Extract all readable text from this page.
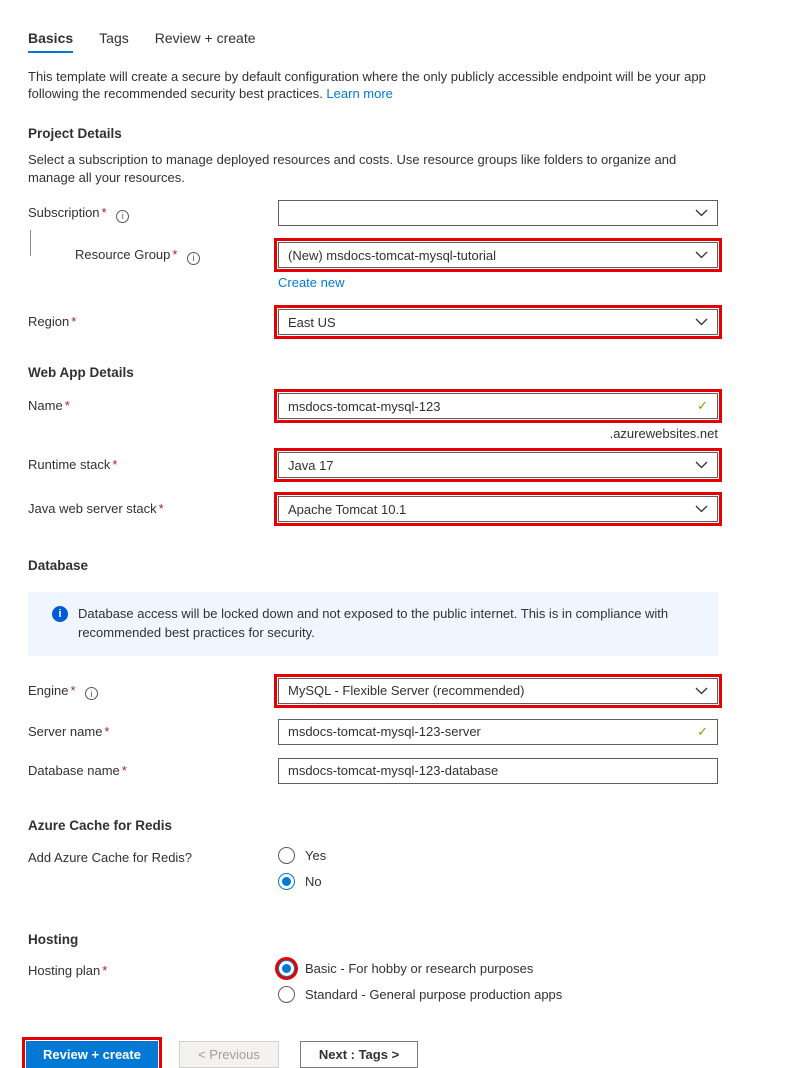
Basics Tags Review + create

This template will create a secure by default configuration where the only publicly accessible endpoint will be your app following the recommended security best practices. Learn more

Project Details

Select a subscription to manage deployed resources and costs. Use resource groups like folders to organize and manage all your resources.

Subscription * i
Resource Group * i	(New) msdocs-tomcat-mysql-tutorial
Create new
Region *	East US
Web App Details
Name *	msdocs-tomcat-mysql-123	✓
.azurewebsites.net
Runtime stack *	Java 17
Java web server stack *	Apache Tomcat 10.1
Database
i	Database access will be locked down and not exposed to the public internet. This is in compliance with recommended best practices for security.
Engine * i	MySQL - Flexible Server (recommended)
Server name *	msdocs-tomcat-mysql-123-server	✓
Database name *	msdocs-tomcat-mysql-123-database
Azure Cache for Redis
Add Azure Cache for Redis?	Yes
No
Hosting
Hosting plan *	Basic - For hobby or research purposes
Standard - General purpose production apps
Review + create	< Previous	Next : Tags >
